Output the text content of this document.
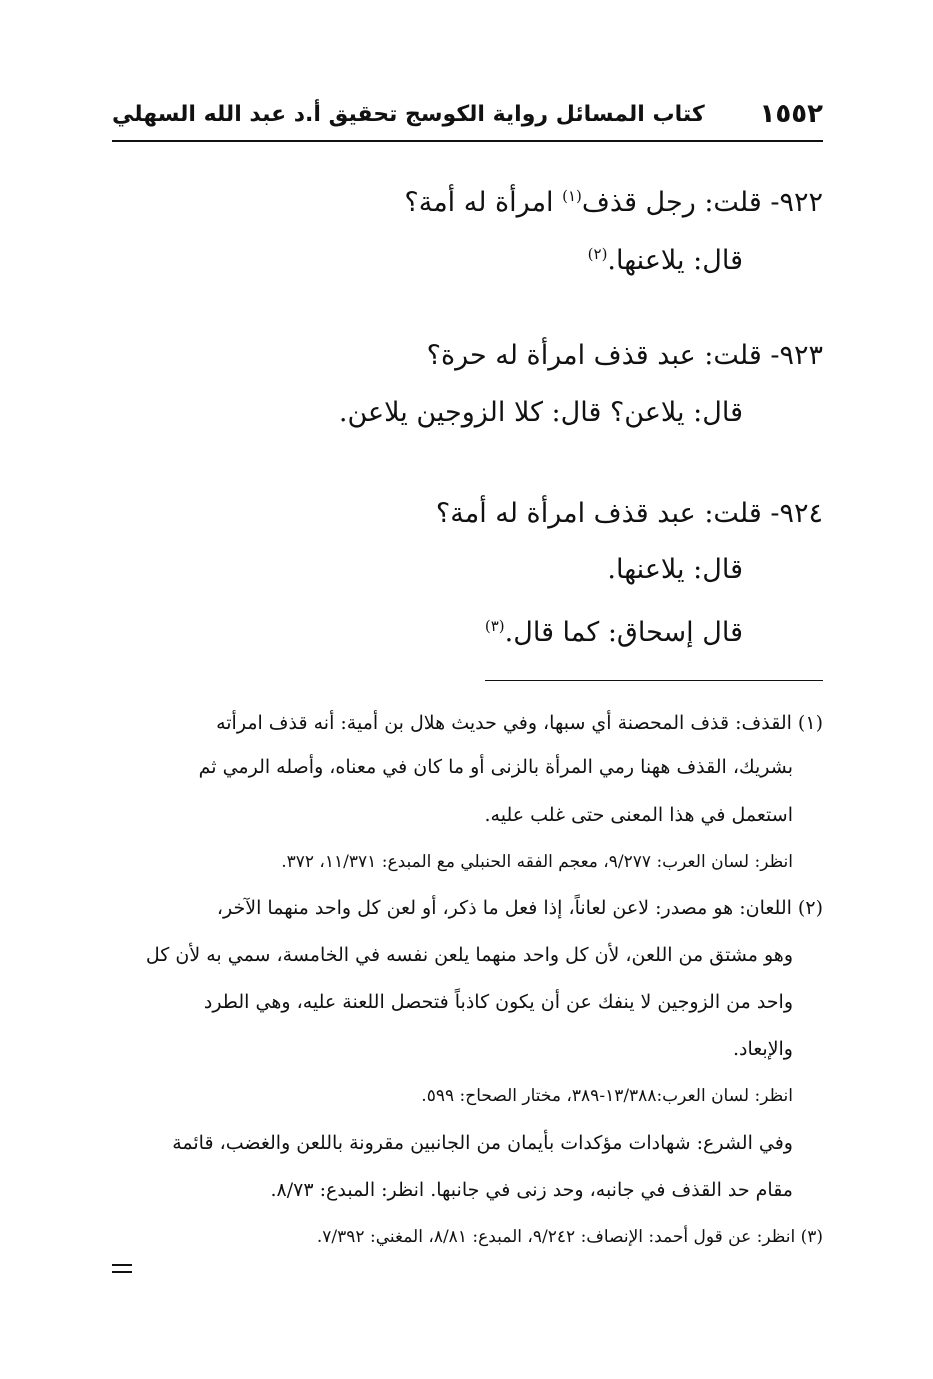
١٥٥٢
كتاب المسائل رواية الكوسج تحقيق أ.د عبد الله السهلي
٩٢٢- قلت: رجل قذف$^{(١)}$ امرأة له أمة؟
قال: يلاعنها.$^{(٢)}$
٩٢٣- قلت: عبد قذف امرأة له حرة؟
قال: يلاعن؟ قال: كلا الزوجين يلاعن.
٩٢٤- قلت: عبد قذف امرأة له أمة؟
قال: يلاعنها.
قال إسحاق: كما قال.$^{(٣)}$
(١) القذف: قذف المحصنة أي سبها، وفي حديث هلال بن أمية: أنه قذف امرأته
بشريك، القذف ههنا رمي المرأة بالزنى أو ما كان في معناه، وأصله الرمي ثم
استعمل في هذا المعنى حتى غلب عليه.
انظر: لسان العرب: ٩/٢٧٧، معجم الفقه الحنبلي مع المبدع: ١١/٣٧١، ٣٧٢.
(٢) اللعان: هو مصدر: لاعن لعاناً، إذا فعل ما ذكر، أو لعن كل واحد منهما الآخر،
وهو مشتق من اللعن، لأن كل واحد منهما يلعن نفسه في الخامسة، سمي به لأن كل
واحد من الزوجين لا ينفك عن أن يكون كاذباً فتحصل اللعنة عليه، وهي الطرد
والإبعاد.
انظر: لسان العرب:١٣/٣٨٨-٣٨٩، مختار الصحاح: ٥٩٩.
وفي الشرع: شهادات مؤكدات بأيمان من الجانبين مقرونة باللعن والغضب، قائمة
مقام حد القذف في جانبه، وحد زنى في جانبها. انظر: المبدع: ٨/٧٣.
(٣) انظر: عن قول أحمد: الإنصاف: ٩/٢٤٢، المبدع: ٨/٨١، المغني: ٧/٣٩٢.
